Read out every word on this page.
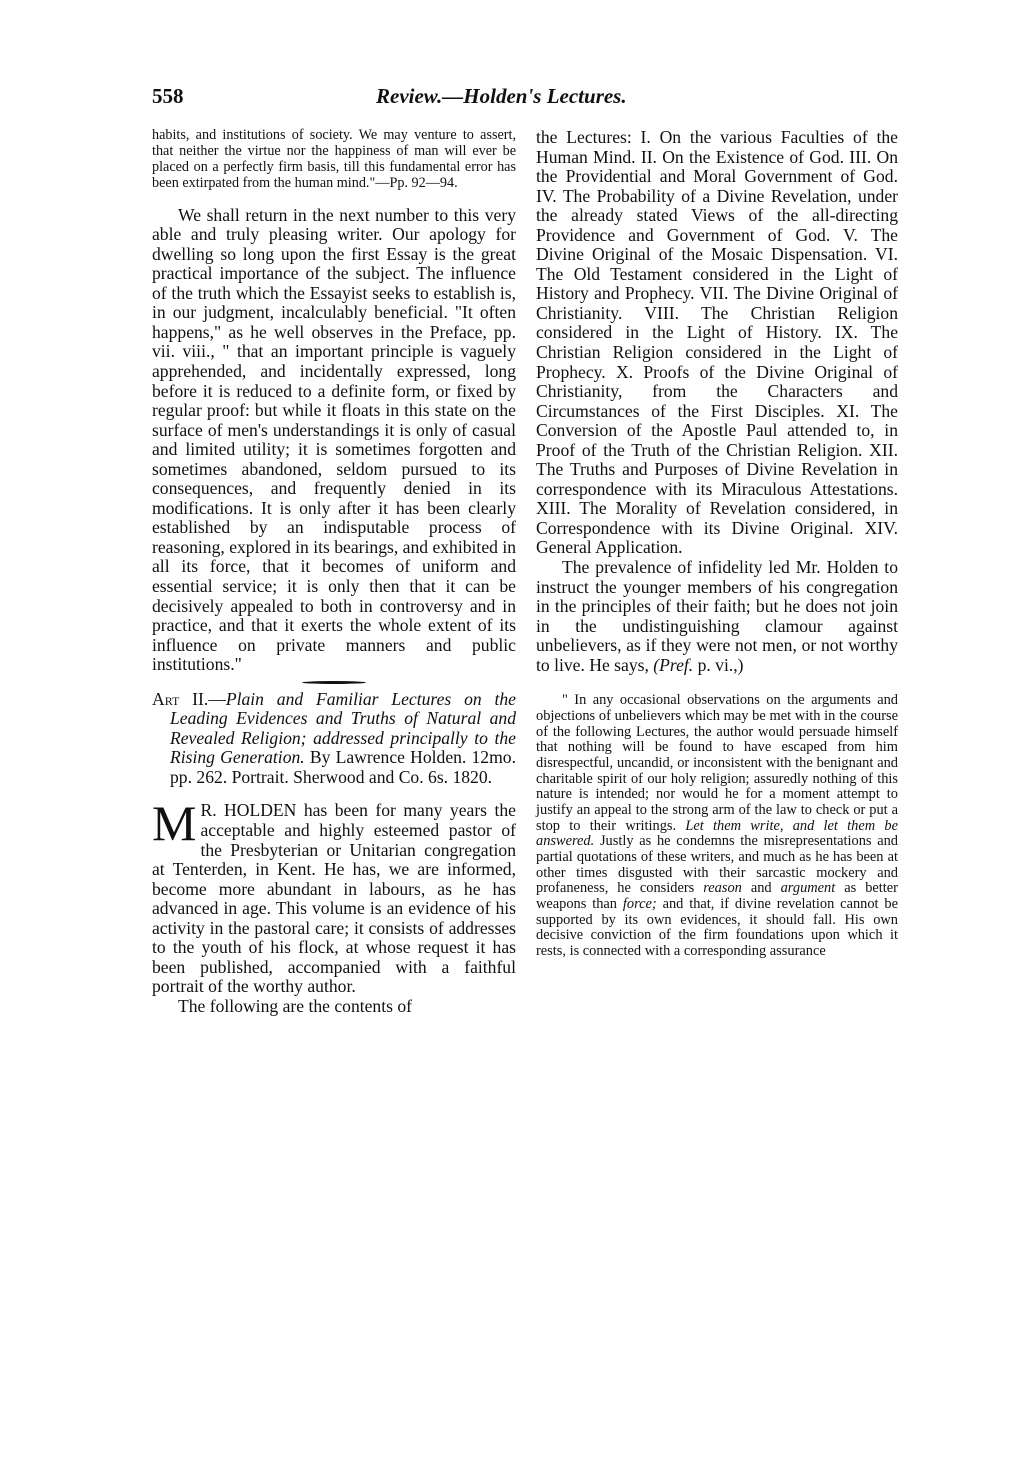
558	Review.—Holden's Lectures.

habits, and institutions of society. We may venture to assert, that neither the virtue nor the happiness of man will ever be placed on a perfectly firm basis, till this fundamental error has been extirpated from the human mind."—Pp. 92—94.

We shall return in the next number to this very able and truly pleasing writer. Our apology for dwelling so long upon the first Essay is the great practical importance of the subject. The influence of the truth which the Essayist seeks to establish is, in our judgment, incalculably beneficial. "It often happens," as he well observes in the Preface, pp. vii. viii., " that an important principle is vaguely apprehended, and incidentally expressed, long before it is reduced to a definite form, or fixed by regular proof: but while it floats in this state on the surface of men's understandings it is only of casual and limited utility; it is sometimes forgotten and sometimes abandoned, seldom pursued to its consequences, and frequently denied in its modifications. It is only after it has been clearly established by an indisputable process of reasoning, explored in its bearings, and exhibited in all its force, that it becomes of uniform and essential service; it is only then that it can be decisively appealed to both in controversy and in practice, and that it exerts the whole extent of its influence on private manners and public institutions."

Art II.—Plain and Familiar Lectures on the Leading Evidences and Truths of Natural and Revealed Religion; addressed principally to the Rising Generation. By Lawrence Holden. 12mo. pp. 262. Portrait. Sherwood and Co. 6s. 1820.

M R. HOLDEN has been for many years the acceptable and highly esteemed pastor of the Presbyterian or Unitarian congregation at Tenterden, in Kent. He has, we are informed, become more abundant in labours, as he has advanced in age. This volume is an evidence of his activity in the pastoral care; it consists of addresses to the youth of his flock, at whose request it has been published, accompanied with a faithful portrait of the worthy author.

The following are the contents of

the Lectures: I. On the various Faculties of the Human Mind. II. On the Existence of God. III. On the Providential and Moral Government of God. IV. The Probability of a Divine Revelation, under the already stated Views of the all-directing Providence and Government of God. V. The Divine Original of the Mosaic Dispensation. VI. The Old Testament considered in the Light of History and Prophecy. VII. The Divine Original of Christianity. VIII. The Christian Religion considered in the Light of History. IX. The Christian Religion considered in the Light of Prophecy. X. Proofs of the Divine Original of Christianity, from the Characters and Circumstances of the First Disciples. XI. The Conversion of the Apostle Paul attended to, in Proof of the Truth of the Christian Religion. XII. The Truths and Purposes of Divine Revelation in correspondence with its Miraculous Attestations. XIII. The Morality of Revelation considered, in Correspondence with its Divine Original. XIV. General Application.

The prevalence of infidelity led Mr. Holden to instruct the younger members of his congregation in the principles of their faith; but he does not join in the undistinguishing clamour against unbelievers, as if they were not men, or not worthy to live. He says, (Pref. p. vi.,)

" In any occasional observations on the arguments and objections of unbelievers which may be met with in the course of the following Lectures, the author would persuade himself that nothing will be found to have escaped from him disrespectful, uncandid, or inconsistent with the benignant and charitable spirit of our holy religion; assuredly nothing of this nature is intended; nor would he for a moment attempt to justify an appeal to the strong arm of the law to check or put a stop to their writings. Let them write, and let them be answered. Justly as he condemns the misrepresentations and partial quotations of these writers, and much as he has been at other times disgusted with their sarcastic mockery and profaneness, he considers reason and argument as better weapons than force; and that, if divine revelation cannot be supported by its own evidences, it should fall. His own decisive conviction of the firm foundations upon which it rests, is connected with a corresponding assurance
